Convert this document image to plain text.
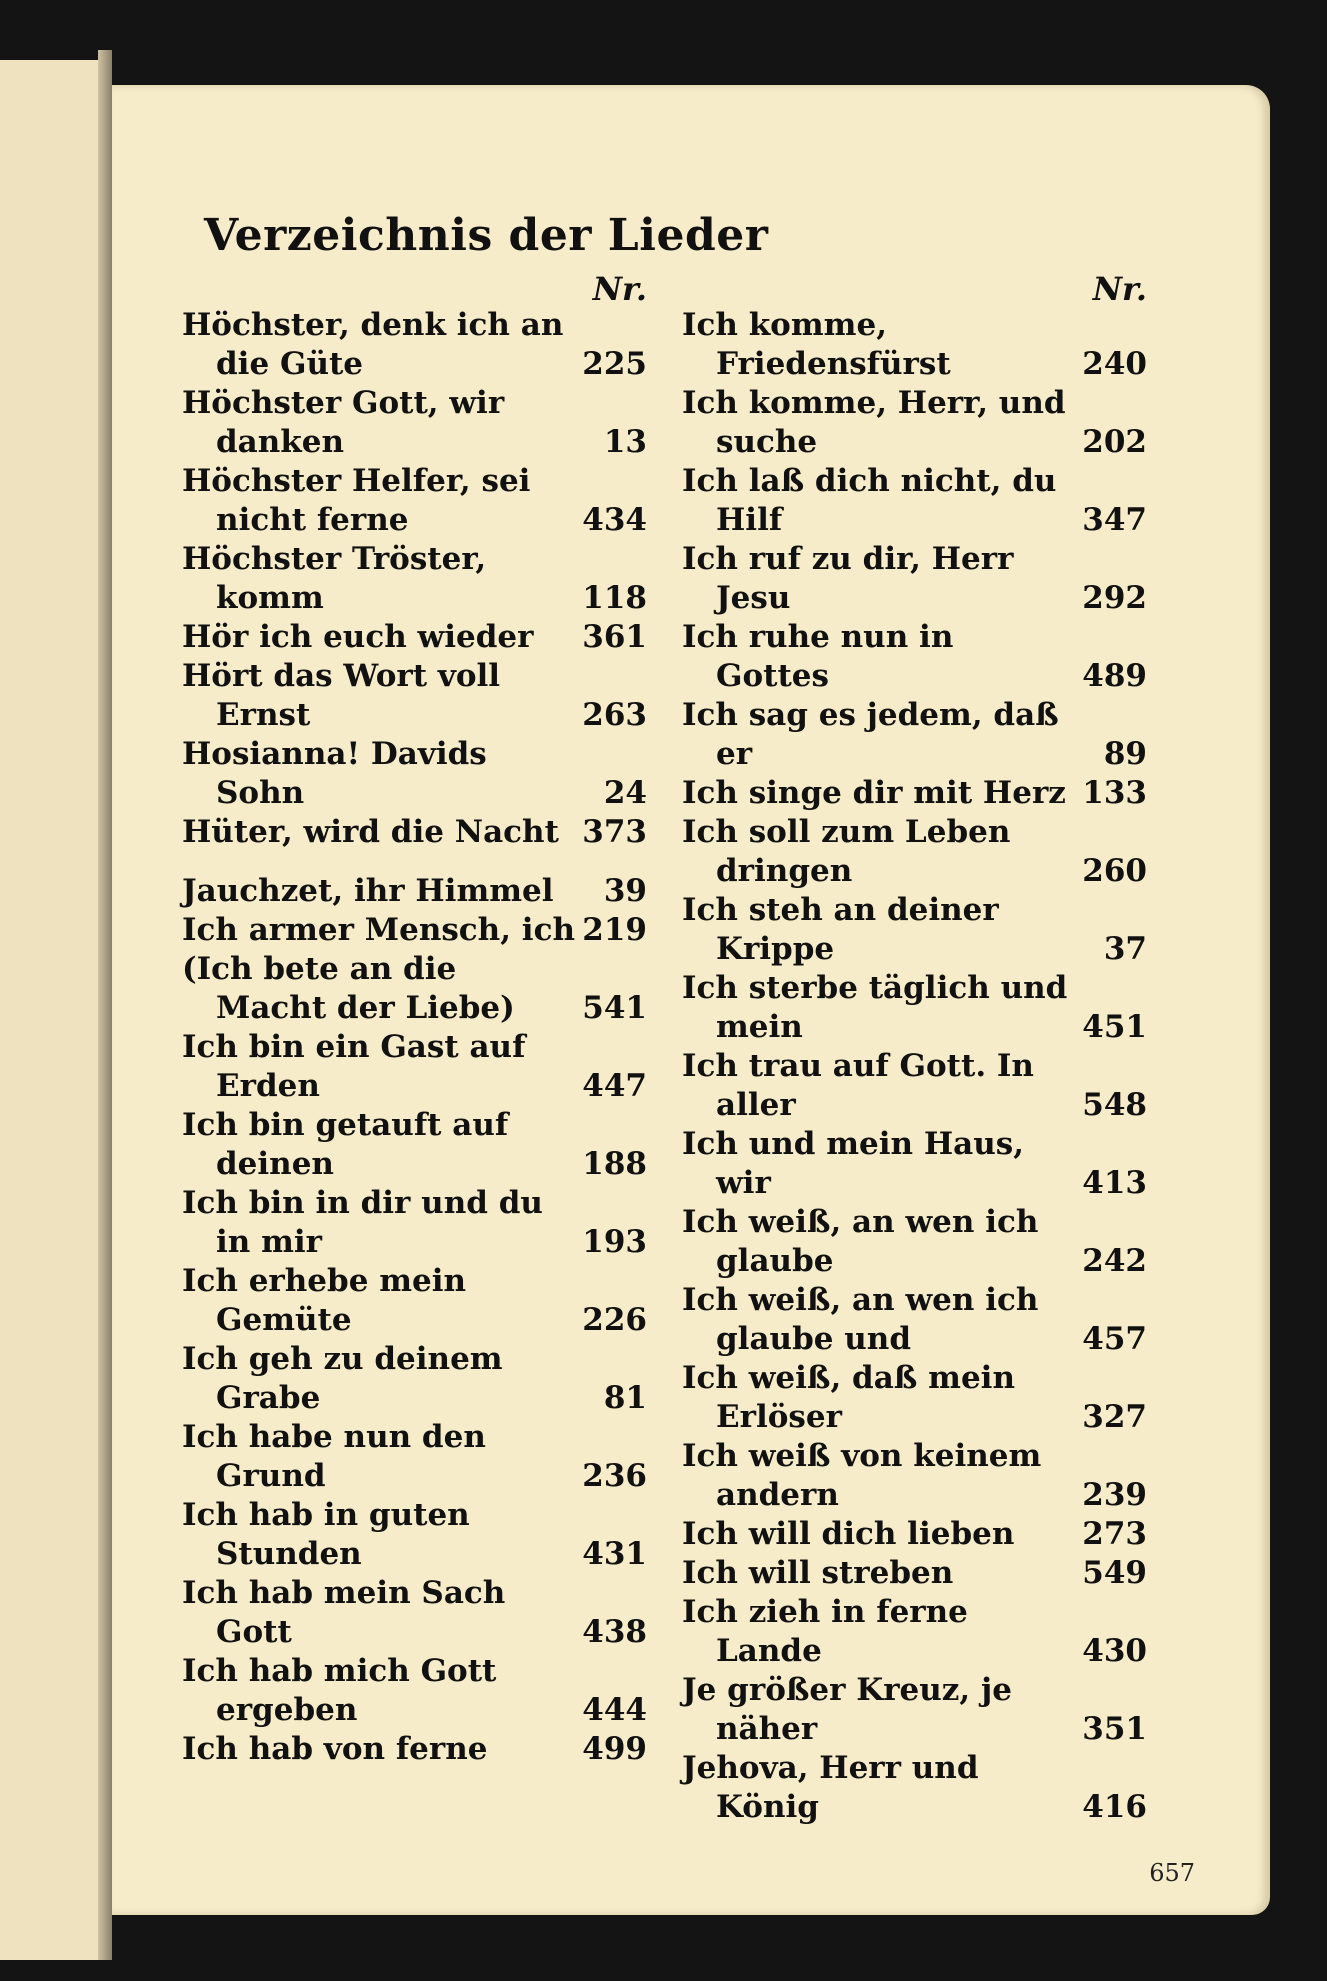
Verzeichnis der Lieder
Nr.
Höchster, denk ich an die Güte	225
Höchster Gott, wir danken	13
Höchster Helfer, sei nicht ferne	434
Höchster Tröster, komm	118
Hör ich euch wieder	361
Hört das Wort voll Ernst	263
Hosianna! Davids Sohn	24
Hüter, wird die Nacht 373
Jauchzet, ihr Himmel	39
Ich armer Mensch, ich 219
(Ich bete an die Macht der Liebe)	541
Ich bin ein Gast auf Erden	447
Ich bin getauft auf deinen	188
Ich bin in dir und du in mir	193
Ich erhebe mein Gemüte	226
Ich geh zu deinem Grabe	81
Ich habe nun den Grund	236
Ich hab in guten Stunden	431
Ich hab mein Sach Gott	438
Ich hab mich Gott ergeben	444
Ich hab von ferne	499
Nr.
Ich komme, Friedensfürst	240
Ich komme, Herr, und suche	202
Ich laß dich nicht, du Hilf	347
Ich ruf zu dir, Herr Jesu	292
Ich ruhe nun in Gottes	489
Ich sag es jedem, daß er	89
Ich singe dir mit Herz 133
Ich soll zum Leben dringen	260
Ich steh an deiner Krippe	37
Ich sterbe täglich und mein	451
Ich trau auf Gott. In aller	548
Ich und mein Haus, wir	413
Ich weiß, an wen ich glaube	242
Ich weiß, an wen ich glaube und	457
Ich weiß, daß mein Erlöser	327
Ich weiß von keinem andern	239
Ich will dich lieben	273
Ich will streben	549
Ich zieh in ferne Lande	430
Je größer Kreuz, je näher	351
Jehova, Herr und König	416
657
